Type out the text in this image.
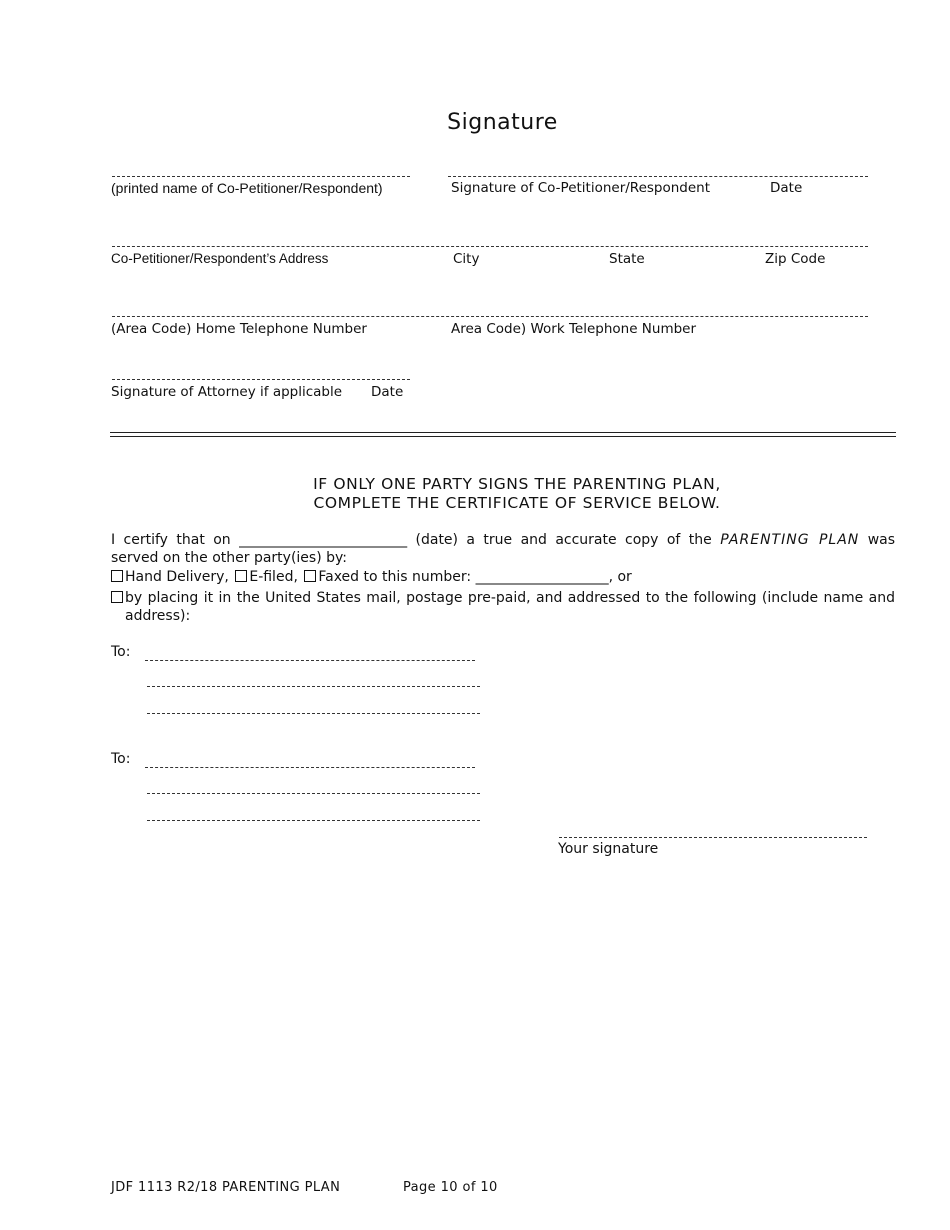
Signature
(printed name of Co-Petitioner/Respondent)	Signature of Co-Petitioner/Respondent	Date
Co-Petitioner/Respondent’s Address	City	State	Zip Code
(Area Code) Home Telephone Number	Area Code) Work Telephone Number
Signature of Attorney if applicable Date
IF ONLY ONE PARTY SIGNS THE PARENTING PLAN,
COMPLETE THE CERTIFICATE OF SERVICE BELOW.
I certify that on ________________________ (date) a true and accurate copy of the PARENTING PLAN was
served on the other party(ies) by:
Hand Delivery, E-filed, Faxed to this number: ___________________, or
by placing it in the United States mail, postage pre-paid, and addressed to the following (include name and
address):
To:
To:
Your signature
JDF 1113 R2/18 PARENTING PLAN	Page 10 of 10
